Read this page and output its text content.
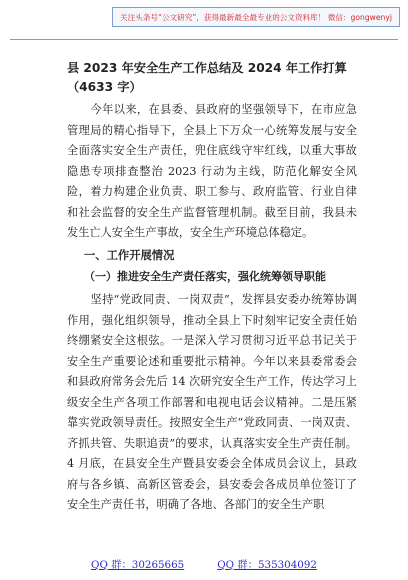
关注头条号“公文研究”，获得最新最全最专业的公文资料库！ 微信：gongwenyj
县 2023 年安全生产工作总结及 2024 年工作打算（4633 字）
今年以来，在县委、县政府的坚强领导下，在市应急管理局的精心指导下，全县上下万众一心统筹发展与安全全面落实安全生产责任，兜住底线守牢红线，以重大事故隐患专项排查整治 2023 行动为主线，防范化解安全风险，着力构建企业负责、职工参与、政府监管、行业自律和社会监督的安全生产监督管理机制。截至目前，我县未发生亡人安全生产事故，安全生产环境总体稳定。
一、工作开展情况
（一）推进安全生产责任落实，强化统筹领导职能
坚持“党政同责、一岗双责”，发挥县安委办统筹协调作用，强化组织领导，推动全县上下时刻牢记安全责任始终绷紧安全这根弦。一是深入学习贯彻习近平总书记关于安全生产重要论述和重要批示精神。今年以来县委常委会和县政府常务会先后 14 次研究安全生产工作，传达学习上级安全生产各项工作部署和电视电话会议精神。二是压紧靠实党政领导责任。按照安全生产“党政同责、一岗双责、齐抓共管、失职追责”的要求，认真落实安全生产责任制。4 月底，在县安全生产暨县安委会全体成员会议上，县政府与各乡镇、高新区管委会，县安委会各成员单位签订了安全生产责任书，明确了各地、各部门的安全生产职
QQ 群：30265665	QQ 群：535304092
